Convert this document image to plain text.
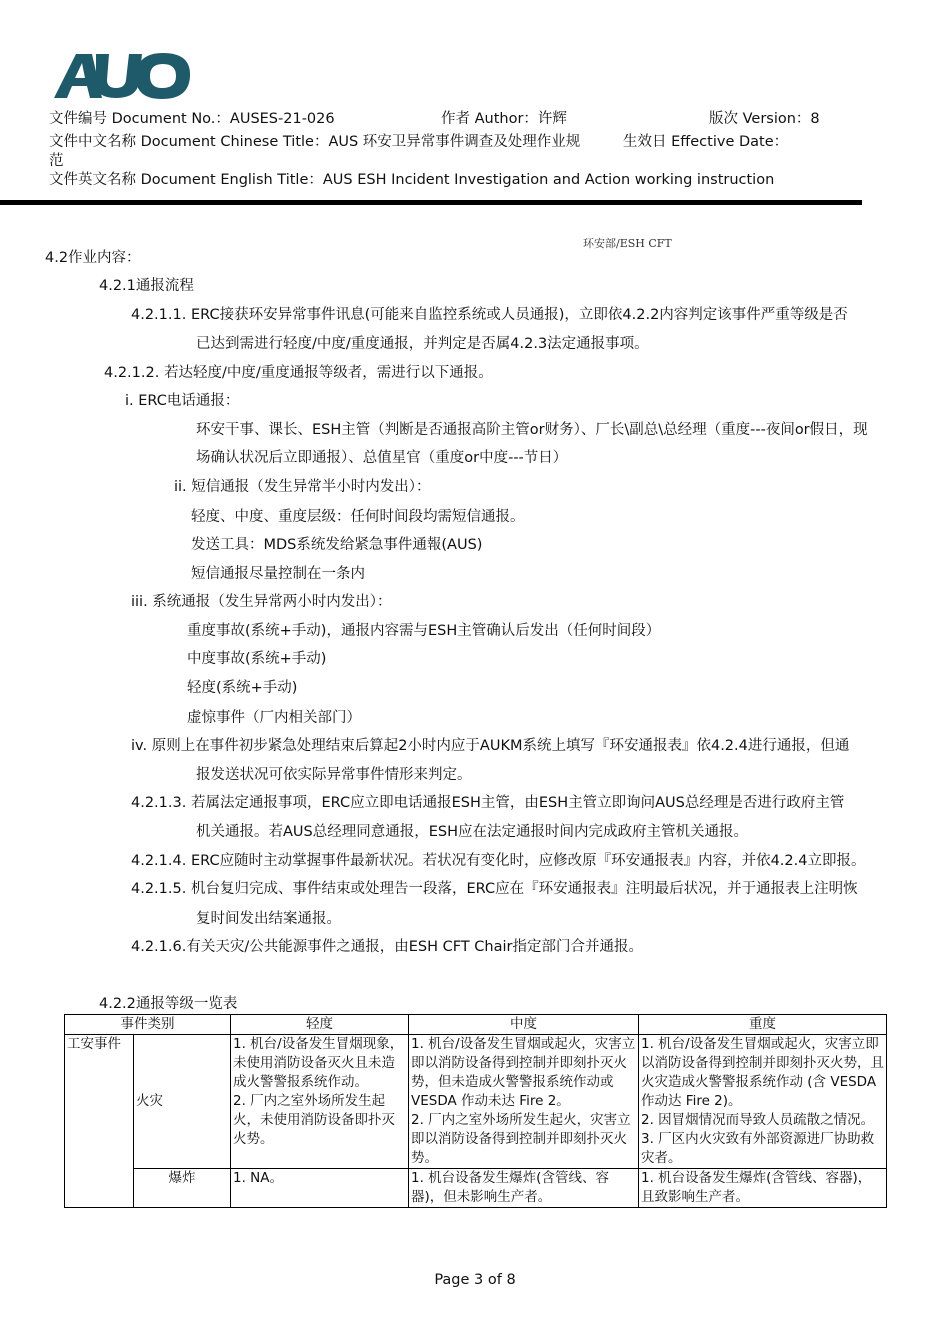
文件编号 Document No.：AUSES-21-026	作者 Author：许辉	版次 Version：8
文件中文名称 Document Chinese Title：AUS 环安卫异常事件调查及处理作业规	生效日 Effective Date：
范
文件英文名称 Document English Title：AUS ESH Incident Investigation and Action working instruction
环安部/ESH CFT
4.2作业内容：
4.2.1通报流程
4.2.1.1. ERC接获环安异常事件讯息(可能来自监控系统或人员通报)，立即依4.2.2内容判定该事件严重等级是否
已达到需进行轻度/中度/重度通报，并判定是否属4.2.3法定通报事项。
4.2.1.2. 若达轻度/中度/重度通报等级者，需进行以下通报。
i. ERC电话通报：
环安干事、课长、ESH主管（判断是否通报高阶主管or财务）、厂长\副总\总经理（重度---夜间or假日，现
场确认状况后立即通报）、总值星官（重度or中度---节日）
ii. 短信通报（发生异常半小时内发出）：
轻度、中度、重度层级：任何时间段均需短信通报。
发送工具：MDS系统发给紧急事件通報(AUS)
短信通报尽量控制在一条内
iii. 系统通报（发生异常两小时内发出）：
重度事故(系统+手动)，通报内容需与ESH主管确认后发出（任何时间段）
中度事故(系统+手动)
轻度(系统+手动)
虚惊事件（厂内相关部门）
iv. 原则上在事件初步紧急处理结束后算起2小时内应于AUKM系统上填写『环安通报表』依4.2.4进行通报，但通
报发送状况可依实际异常事件情形来判定。
4.2.1.3. 若属法定通报事项，ERC应立即电话通报ESH主管，由ESH主管立即询问AUS总经理是否进行政府主管
机关通报。若AUS总经理同意通报，ESH应在法定通报时间内完成政府主管机关通报。
4.2.1.4. ERC应随时主动掌握事件最新状况。若状况有变化时，应修改原『环安通报表』内容，并依4.2.4立即报。
4.2.1.5. 机台复归完成、事件结束或处理告一段落，ERC应在『环安通报表』注明最后状况，并于通报表上注明恢
复时间发出结案通报。
4.2.1.6.有关天灾/公共能源事件之通报，由ESH CFT Chair指定部门合并通报。
4.2.2通报等级一览表
事件类别		轻度	中度	重度
工安事件	火灾	1. 机台/设备发生冒烟现象，未使用消防设备灭火且未造成火警警报系统作动。
2. 厂内之室外场所发生起火，未使用消防设备即扑灭火势。	1. 机台/设备发生冒烟或起火，灾害立即以消防设备得到控制并即刻扑灭火势，但未造成火警警报系统作动或 VESDA 作动未达 Fire 2。
2. 厂内之室外场所发生起火，灾害立即以消防设备得到控制并即刻扑灭火势。	1. 机台/设备发生冒烟或起火，灾害立即以消防设备得到控制并即刻扑灭火势，且火灾造成火警警报系统作动 (含 VESDA 作动达 Fire 2)。
2. 因冒烟情况而导致人员疏散之情况。
3. 厂区内火灾致有外部资源进厂协助救灾者。
	爆炸	1. NA。	1. 机台设备发生爆炸(含管线、容器)，但未影响生产者。	1. 机台设备发生爆炸(含管线、容器)，且致影响生产者。
Page 3 of 8
